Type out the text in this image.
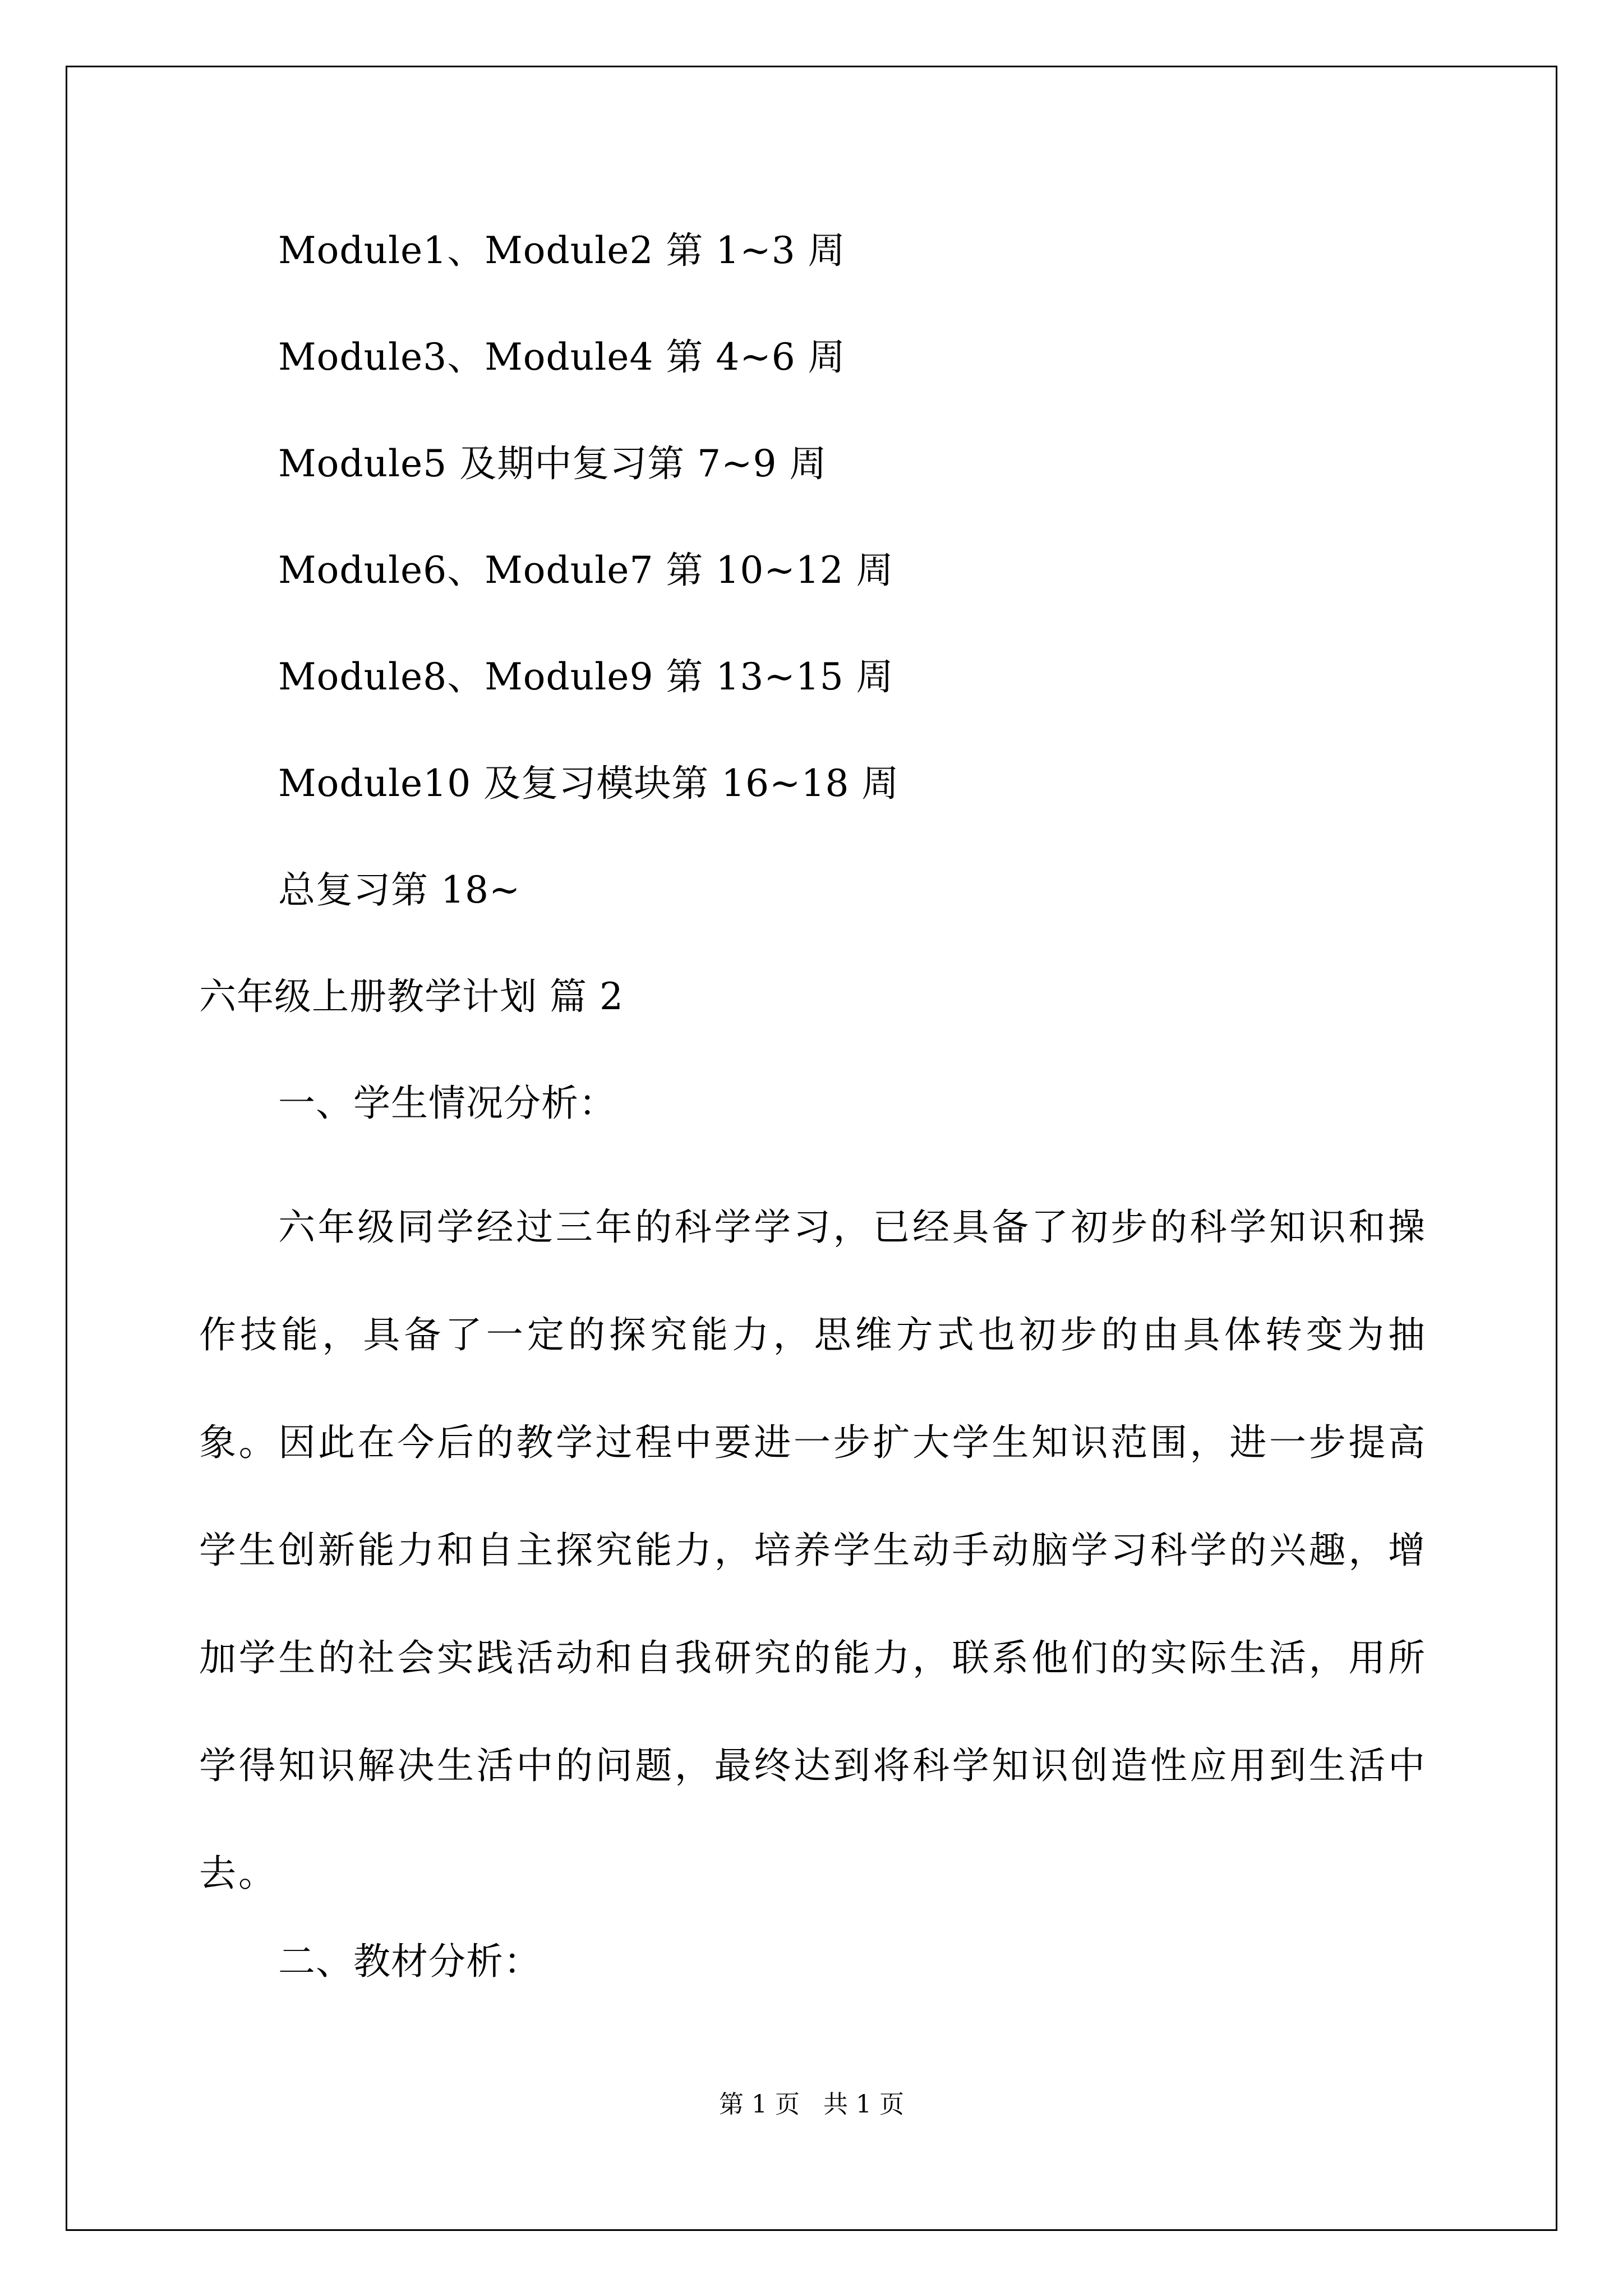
Module1、Module2 第 1~3 周

Module3、Module4 第 4~6 周

Module5 及期中复习第 7~9 周

Module6、Module7 第 10~12 周

Module8、Module9 第 13~15 周

Module10 及复习模块第 16~18 周

总复习第 18~

六年级上册教学计划 篇 2

一、学生情况分析：

六年级同学经过三年的科学学习，已经具备了初步的科学知识和操作技能，具备了一定的探究能力，思维方式也初步的由具体转变为抽象。因此在今后的教学过程中要进一步扩大学生知识范围，进一步提高学生创新能力和自主探究能力，培养学生动手动脑学习科学的兴趣，增加学生的社会实践活动和自我研究的能力，联系他们的实际生活，用所学得知识解决生活中的问题，最终达到将科学知识创造性应用到生活中去。

二、教材分析：

第 1 页   共 1 页
